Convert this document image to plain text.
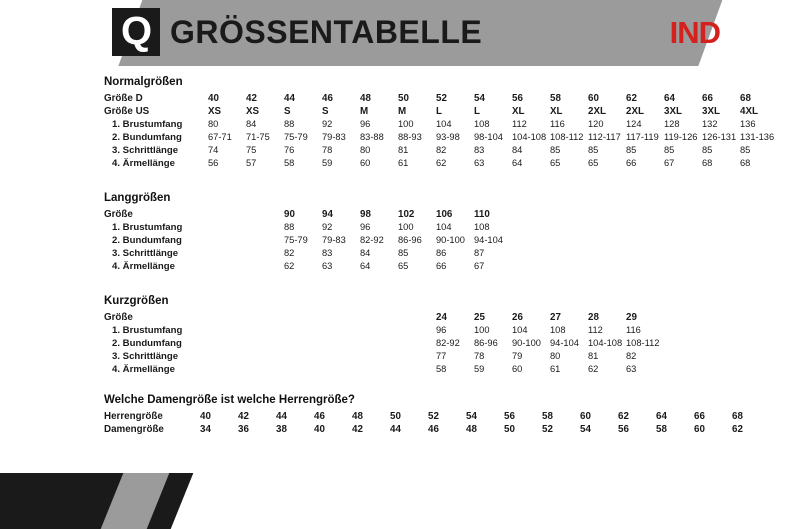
Q GRÖSSENTABELLE	IND
Normalgrößen
Größe D	40	42	44	46	48	50	52	54	56	58	60	62	64	66	68
Größe US	XS	XS	S	S	M	M	L	L	XL	XL	2XL	2XL	3XL	3XL	4XL
1. Brustumfang	80	84	88	92	96	100	104	108	112	116	120	124	128	132	136
2. Bundumfang	67-71	71-75	75-79	79-83	83-88	88-93	93-98	98-104	104-108	108-112	112-117	117-119	119-126	126-131	131-136
3. Schrittlänge	74	75	76	78	80	81	82	83	84	85	85	85	85	85	85
4. Ärmellänge	56	57	58	59	60	61	62	63	64	65	65	66	67	68	68
Langgrößen
Größe			90	94	98	102	106	110
1. Brustumfang			88	92	96	100	104	108
2. Bundumfang			75-79	79-83	82-92	86-96	90-100	94-104
3. Schrittlänge			82	83	84	85	86	87
4. Ärmellänge			62	63	64	65	66	67
Kurzgrößen
Größe							24	25	26	27	28	29
1. Brustumfang							96	100	104	108	112	116
2. Bundumfang							82-92	86-96	90-100	94-104	104-108	108-112
3. Schrittlänge							77	78	79	80	81	82
4. Ärmellänge							58	59	60	61	62	63
Welche Damengröße ist welche Herrengröße?
Herrengröße	40	42	44	46	48	50	52	54	56	58	60	62	64	66	68
Damengröße	34	36	38	40	42	44	46	48	50	52	54	56	58	60	62
